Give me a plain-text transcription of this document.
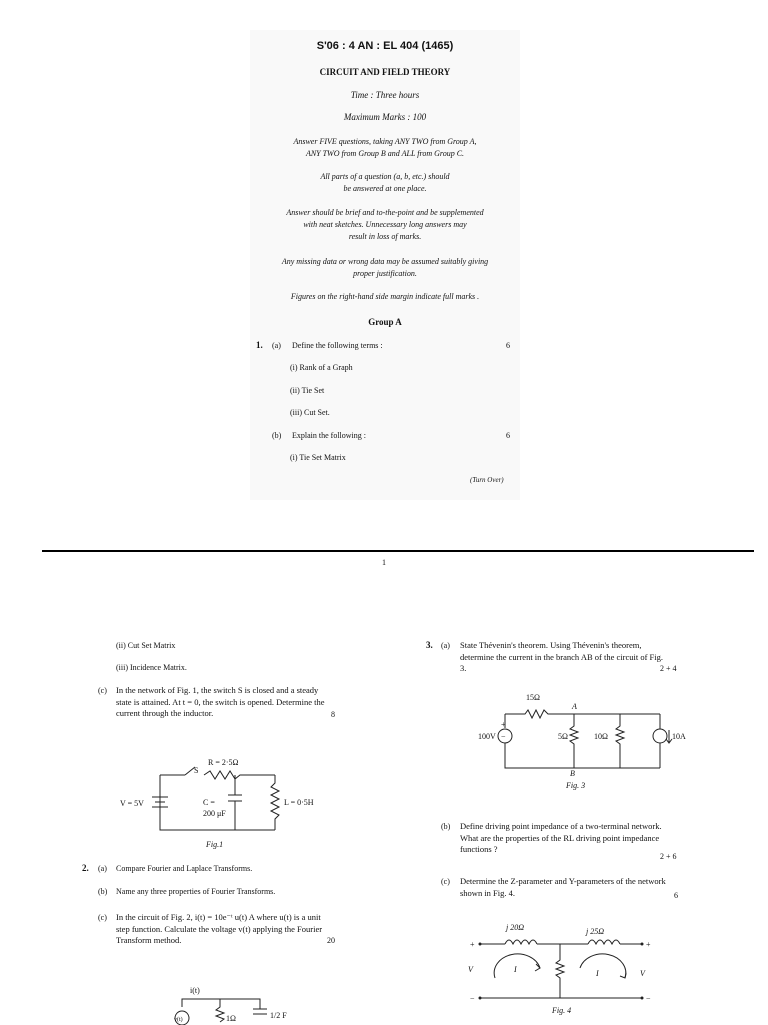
S'06 : 4 AN : EL 404 (1465)
CIRCUIT AND FIELD THEORY
Time : Three hours
Maximum Marks : 100
Answer FIVE questions, taking ANY TWO from Group A,
ANY TWO from Group B and ALL from Group C.
All parts of a question (a, b, etc.) should
be answered at one place.
Answer should be brief and to-the-point and be supplemented
with neat sketches. Unnecessary long answers may
result in loss of marks.
Any missing data or wrong data may be assumed suitably giving
proper justification.
Figures on the right-hand side margin indicate full marks .
Group A
1. (a) Define the following terms :	6
(i) Rank of a Graph
(ii) Tie Set
(iii) Cut Set.
(b) Explain the following :	6
(i) Tie Set Matrix
(Turn Over)
1
(ii) Cut Set Matrix
(iii) Incidence Matrix.
(c) In the network of Fig. 1, the switch S is closed and a steady state is attained. At t = 0, the switch is opened. Determine the current through the inductor.	8
R = 2·5Ω
S
V = 5V	C =
200 μF
L = 0·5H
Fig.1
2. (a) Compare Fourier and Laplace Transforms.
(b) Name any three properties of Fourier Transforms.
(c) In the circuit of Fig. 2, i(t) = 10e⁻ᵗ u(t) A where u(t) is a unit step function. Calculate the voltage v(t) applying the Fourier Transform method.	20
i(t)
v(t)	1Ω	1/2 F
3. (a) State Thévenin's theorem. Using Thévenin's theorem, determine the current in the branch AB of the circuit of Fig. 3.	2 + 4
15Ω
A
−
+
100V	5Ω	10Ω	10A
B
Fig. 3
(b) Define driving point impedance of a two-terminal network. What are the properties of the RL driving point impedance functions ?
2 + 6
(c) Determine the Z-parameter and Y-parameters of the network shown in Fig. 4.	6
j 20Ω	j 25Ω
+	+
−	−
V	I	I	V
Fig. 4
